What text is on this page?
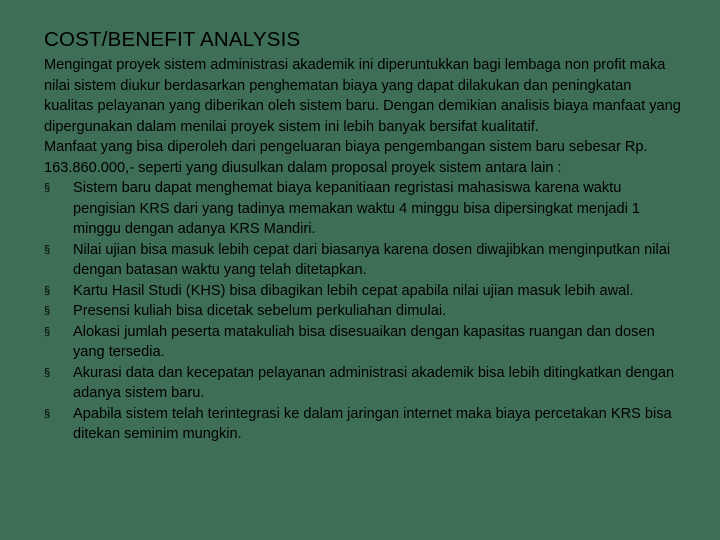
COST/BENEFIT ANALYSIS

Mengingat proyek sistem administrasi akademik ini diperuntukkan bagi lembaga non profit maka nilai sistem diukur berdasarkan penghematan biaya yang dapat dilakukan dan peningkatan kualitas pelayanan yang diberikan oleh sistem baru. Dengan demikian analisis biaya manfaat yang dipergunakan dalam menilai proyek sistem ini lebih banyak bersifat kualitatif.

Manfaat yang bisa diperoleh dari pengeluaran biaya pengembangan sistem baru sebesar Rp. 163.860.000,- seperti yang diusulkan dalam proposal proyek sistem antara lain :

§	Sistem baru dapat menghemat biaya kepanitiaan regristasi mahasiswa karena waktu pengisian KRS dari yang tadinya memakan waktu 4 minggu bisa dipersingkat menjadi 1 minggu dengan adanya KRS Mandiri.
§	Nilai ujian bisa masuk lebih cepat dari biasanya karena dosen diwajibkan menginputkan nilai dengan batasan waktu yang telah ditetapkan.
§	Kartu Hasil Studi (KHS) bisa dibagikan lebih cepat apabila nilai ujian masuk lebih awal.
§	Presensi kuliah bisa dicetak sebelum perkuliahan dimulai.
§	Alokasi jumlah peserta matakuliah bisa disesuaikan dengan kapasitas ruangan dan dosen yang tersedia.
§	Akurasi data dan kecepatan pelayanan administrasi akademik bisa lebih ditingkatkan dengan adanya sistem baru.
§	Apabila sistem telah terintegrasi ke dalam jaringan internet maka biaya percetakan KRS bisa ditekan seminim mungkin.
